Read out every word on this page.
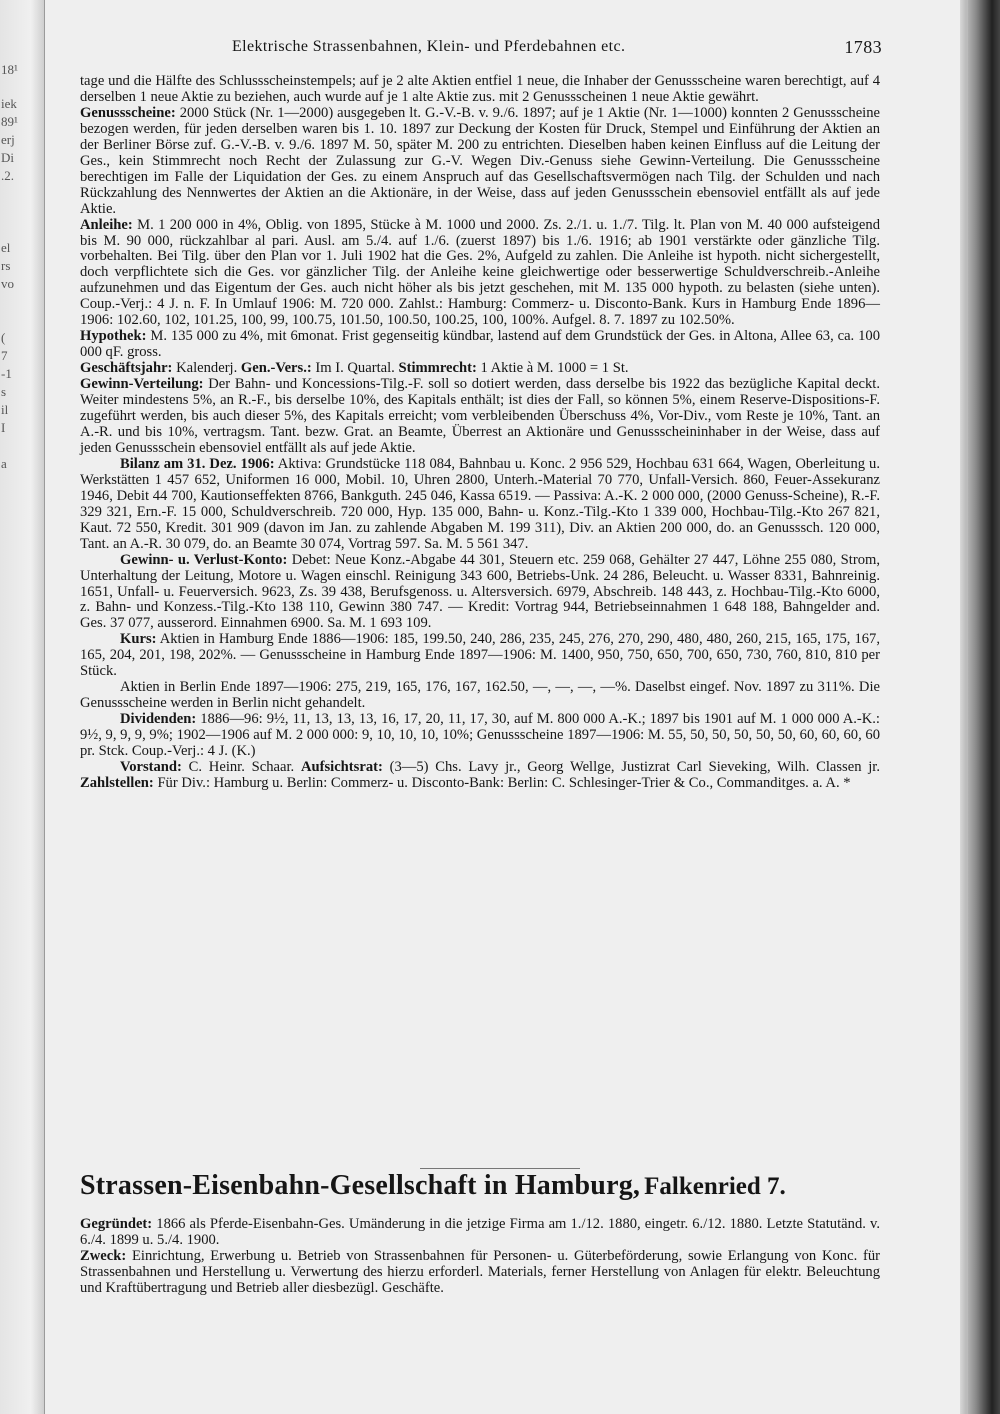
18¹
iek
89¹
erj
Di
.2.
el
rs
vo
(
7
-1
s
il
I
a
Elektrische Strassenbahnen, Klein- und Pferdebahnen etc.	1783

tage und die Hälfte des Schlussscheinstempels; auf je 2 alte Aktien entfiel 1 neue, die Inhaber der Genussscheine waren berechtigt, auf 4 derselben 1 neue Aktie zu beziehen, auch wurde auf je 1 alte Aktie zus. mit 2 Genussscheinen 1 neue Aktie gewährt.

Genussscheine: 2000 Stück (Nr. 1—2000) ausgegeben lt. G.-V.-B. v. 9./6. 1897; auf je 1 Aktie (Nr. 1—1000) konnten 2 Genussscheine bezogen werden, für jeden derselben waren bis 1. 10. 1897 zur Deckung der Kosten für Druck, Stempel und Einführung der Aktien an der Berliner Börse zuf. G.-V.-B. v. 9./6. 1897 M. 50, später M. 200 zu entrichten. Dieselben haben keinen Einfluss auf die Leitung der Ges., kein Stimmrecht noch Recht der Zulassung zur G.-V. Wegen Div.-Genuss siehe Gewinn-Verteilung. Die Genussscheine berechtigen im Falle der Liquidation der Ges. zu einem Anspruch auf das Gesellschaftsvermögen nach Tilg. der Schulden und nach Rückzahlung des Nennwertes der Aktien an die Aktionäre, in der Weise, dass auf jeden Genussschein ebensoviel entfällt als auf jede Aktie.

Anleihe: M. 1 200 000 in 4%, Oblig. von 1895, Stücke à M. 1000 und 2000. Zs. 2./1. u. 1./7. Tilg. lt. Plan von M. 40 000 aufsteigend bis M. 90 000, rückzahlbar al pari. Ausl. am 5./4. auf 1./6. (zuerst 1897) bis 1./6. 1916; ab 1901 verstärkte oder gänzliche Tilg. vorbehalten. Bei Tilg. über den Plan vor 1. Juli 1902 hat die Ges. 2%, Aufgeld zu zahlen. Die Anleihe ist hypoth. nicht sichergestellt, doch verpflichtete sich die Ges. vor gänzlicher Tilg. der Anleihe keine gleichwertige oder besserwertige Schuldverschreib.-Anleihe aufzunehmen und das Eigentum der Ges. auch nicht höher als bis jetzt geschehen, mit M. 135 000 hypoth. zu belasten (siehe unten). Coup.-Verj.: 4 J. n. F. In Umlauf 1906: M. 720 000. Zahlst.: Hamburg: Commerz- u. Disconto-Bank. Kurs in Hamburg Ende 1896—1906: 102.60, 102, 101.25, 100, 99, 100.75, 101.50, 100.50, 100.25, 100, 100%. Aufgel. 8. 7. 1897 zu 102.50%.

Hypothek: M. 135 000 zu 4%, mit 6monat. Frist gegenseitig kündbar, lastend auf dem Grundstück der Ges. in Altona, Allee 63, ca. 100 000 qF. gross.

Geschäftsjahr: Kalenderj. Gen.-Vers.: Im I. Quartal. Stimmrecht: 1 Aktie à M. 1000 = 1 St.

Gewinn-Verteilung: Der Bahn- und Koncessions-Tilg.-F. soll so dotiert werden, dass derselbe bis 1922 das bezügliche Kapital deckt. Weiter mindestens 5%, an R.-F., bis derselbe 10%, des Kapitals enthält; ist dies der Fall, so können 5%, einem Reserve-Dispositions-F. zugeführt werden, bis auch dieser 5%, des Kapitals erreicht; vom verbleibenden Überschuss 4%, Vor-Div., vom Reste je 10%, Tant. an A.-R. und bis 10%, vertragsm. Tant. bezw. Grat. an Beamte, Überrest an Aktionäre und Genussscheininhaber in der Weise, dass auf jeden Genussschein ebensoviel entfällt als auf jede Aktie.

Bilanz am 31. Dez. 1906: Aktiva: Grundstücke 118 084, Bahnbau u. Konc. 2 956 529, Hochbau 631 664, Wagen, Oberleitung u. Werkstätten 1 457 652, Uniformen 16 000, Mobil. 10, Uhren 2800, Unterh.-Material 70 770, Unfall-Versich. 860, Feuer-Assekuranz 1946, Debit 44 700, Kautionseffekten 8766, Bankguth. 245 046, Kassa 6519. — Passiva: A.-K. 2 000 000, (2000 Genuss-Scheine), R.-F. 329 321, Ern.-F. 15 000, Schuldverschreib. 720 000, Hyp. 135 000, Bahn- u. Konz.-Tilg.-Kto 1 339 000, Hochbau-Tilg.-Kto 267 821, Kaut. 72 550, Kredit. 301 909 (davon im Jan. zu zahlende Abgaben M. 199 311), Div. an Aktien 200 000, do. an Genusssch. 120 000, Tant. an A.-R. 30 079, do. an Beamte 30 074, Vortrag 597. Sa. M. 5 561 347.

Gewinn- u. Verlust-Konto: Debet: Neue Konz.-Abgabe 44 301, Steuern etc. 259 068, Gehälter 27 447, Löhne 255 080, Strom, Unterhaltung der Leitung, Motore u. Wagen einschl. Reinigung 343 600, Betriebs-Unk. 24 286, Beleucht. u. Wasser 8331, Bahnreinig. 1651, Unfall- u. Feuerversich. 9623, Zs. 39 438, Berufsgenoss. u. Altersversich. 6979, Abschreib. 148 443, z. Hochbau-Tilg.-Kto 6000, z. Bahn- und Konzess.-Tilg.-Kto 138 110, Gewinn 380 747. — Kredit: Vortrag 944, Betriebseinnahmen 1 648 188, Bahngelder and. Ges. 37 077, ausserord. Einnahmen 6900. Sa. M. 1 693 109.

Kurs: Aktien in Hamburg Ende 1886—1906: 185, 199.50, 240, 286, 235, 245, 276, 270, 290, 480, 480, 260, 215, 165, 175, 167, 165, 204, 201, 198, 202%. — Genussscheine in Hamburg Ende 1897—1906: M. 1400, 950, 750, 650, 700, 650, 730, 760, 810, 810 per Stück.

Aktien in Berlin Ende 1897—1906: 275, 219, 165, 176, 167, 162.50, —, —, —, —%. Daselbst eingef. Nov. 1897 zu 311%. Die Genussscheine werden in Berlin nicht gehandelt.

Dividenden: 1886—96: 9½, 11, 13, 13, 13, 16, 17, 20, 11, 17, 30, auf M. 800 000 A.-K.; 1897 bis 1901 auf M. 1 000 000 A.-K.: 9½, 9, 9, 9, 9%; 1902—1906 auf M. 2 000 000: 9, 10, 10, 10, 10%; Genussscheine 1897—1906: M. 55, 50, 50, 50, 50, 50, 60, 60, 60, 60 pr. Stck. Coup.-Verj.: 4 J. (K.)

Vorstand: C. Heinr. Schaar. Aufsichtsrat: (3—5) Chs. Lavy jr., Georg Wellge, Justizrat Carl Sieveking, Wilh. Classen jr. Zahlstellen: Für Div.: Hamburg u. Berlin: Commerz- u. Disconto-Bank: Berlin: C. Schlesinger-Trier & Co., Commanditges. a. A. *

Strassen-Eisenbahn-Gesellschaft in Hamburg, Falkenried 7.

Gegründet: 1866 als Pferde-Eisenbahn-Ges. Umänderung in die jetzige Firma am 1./12. 1880, eingetr. 6./12. 1880. Letzte Statutänd. v. 6./4. 1899 u. 5./4. 1900.

Zweck: Einrichtung, Erwerbung u. Betrieb von Strassenbahnen für Personen- u. Güterbeförderung, sowie Erlangung von Konc. für Strassenbahnen und Herstellung u. Verwertung des hierzu erforderl. Materials, ferner Herstellung von Anlagen für elektr. Beleuchtung und Kraftübertragung und Betrieb aller diesbezügl. Geschäfte.
